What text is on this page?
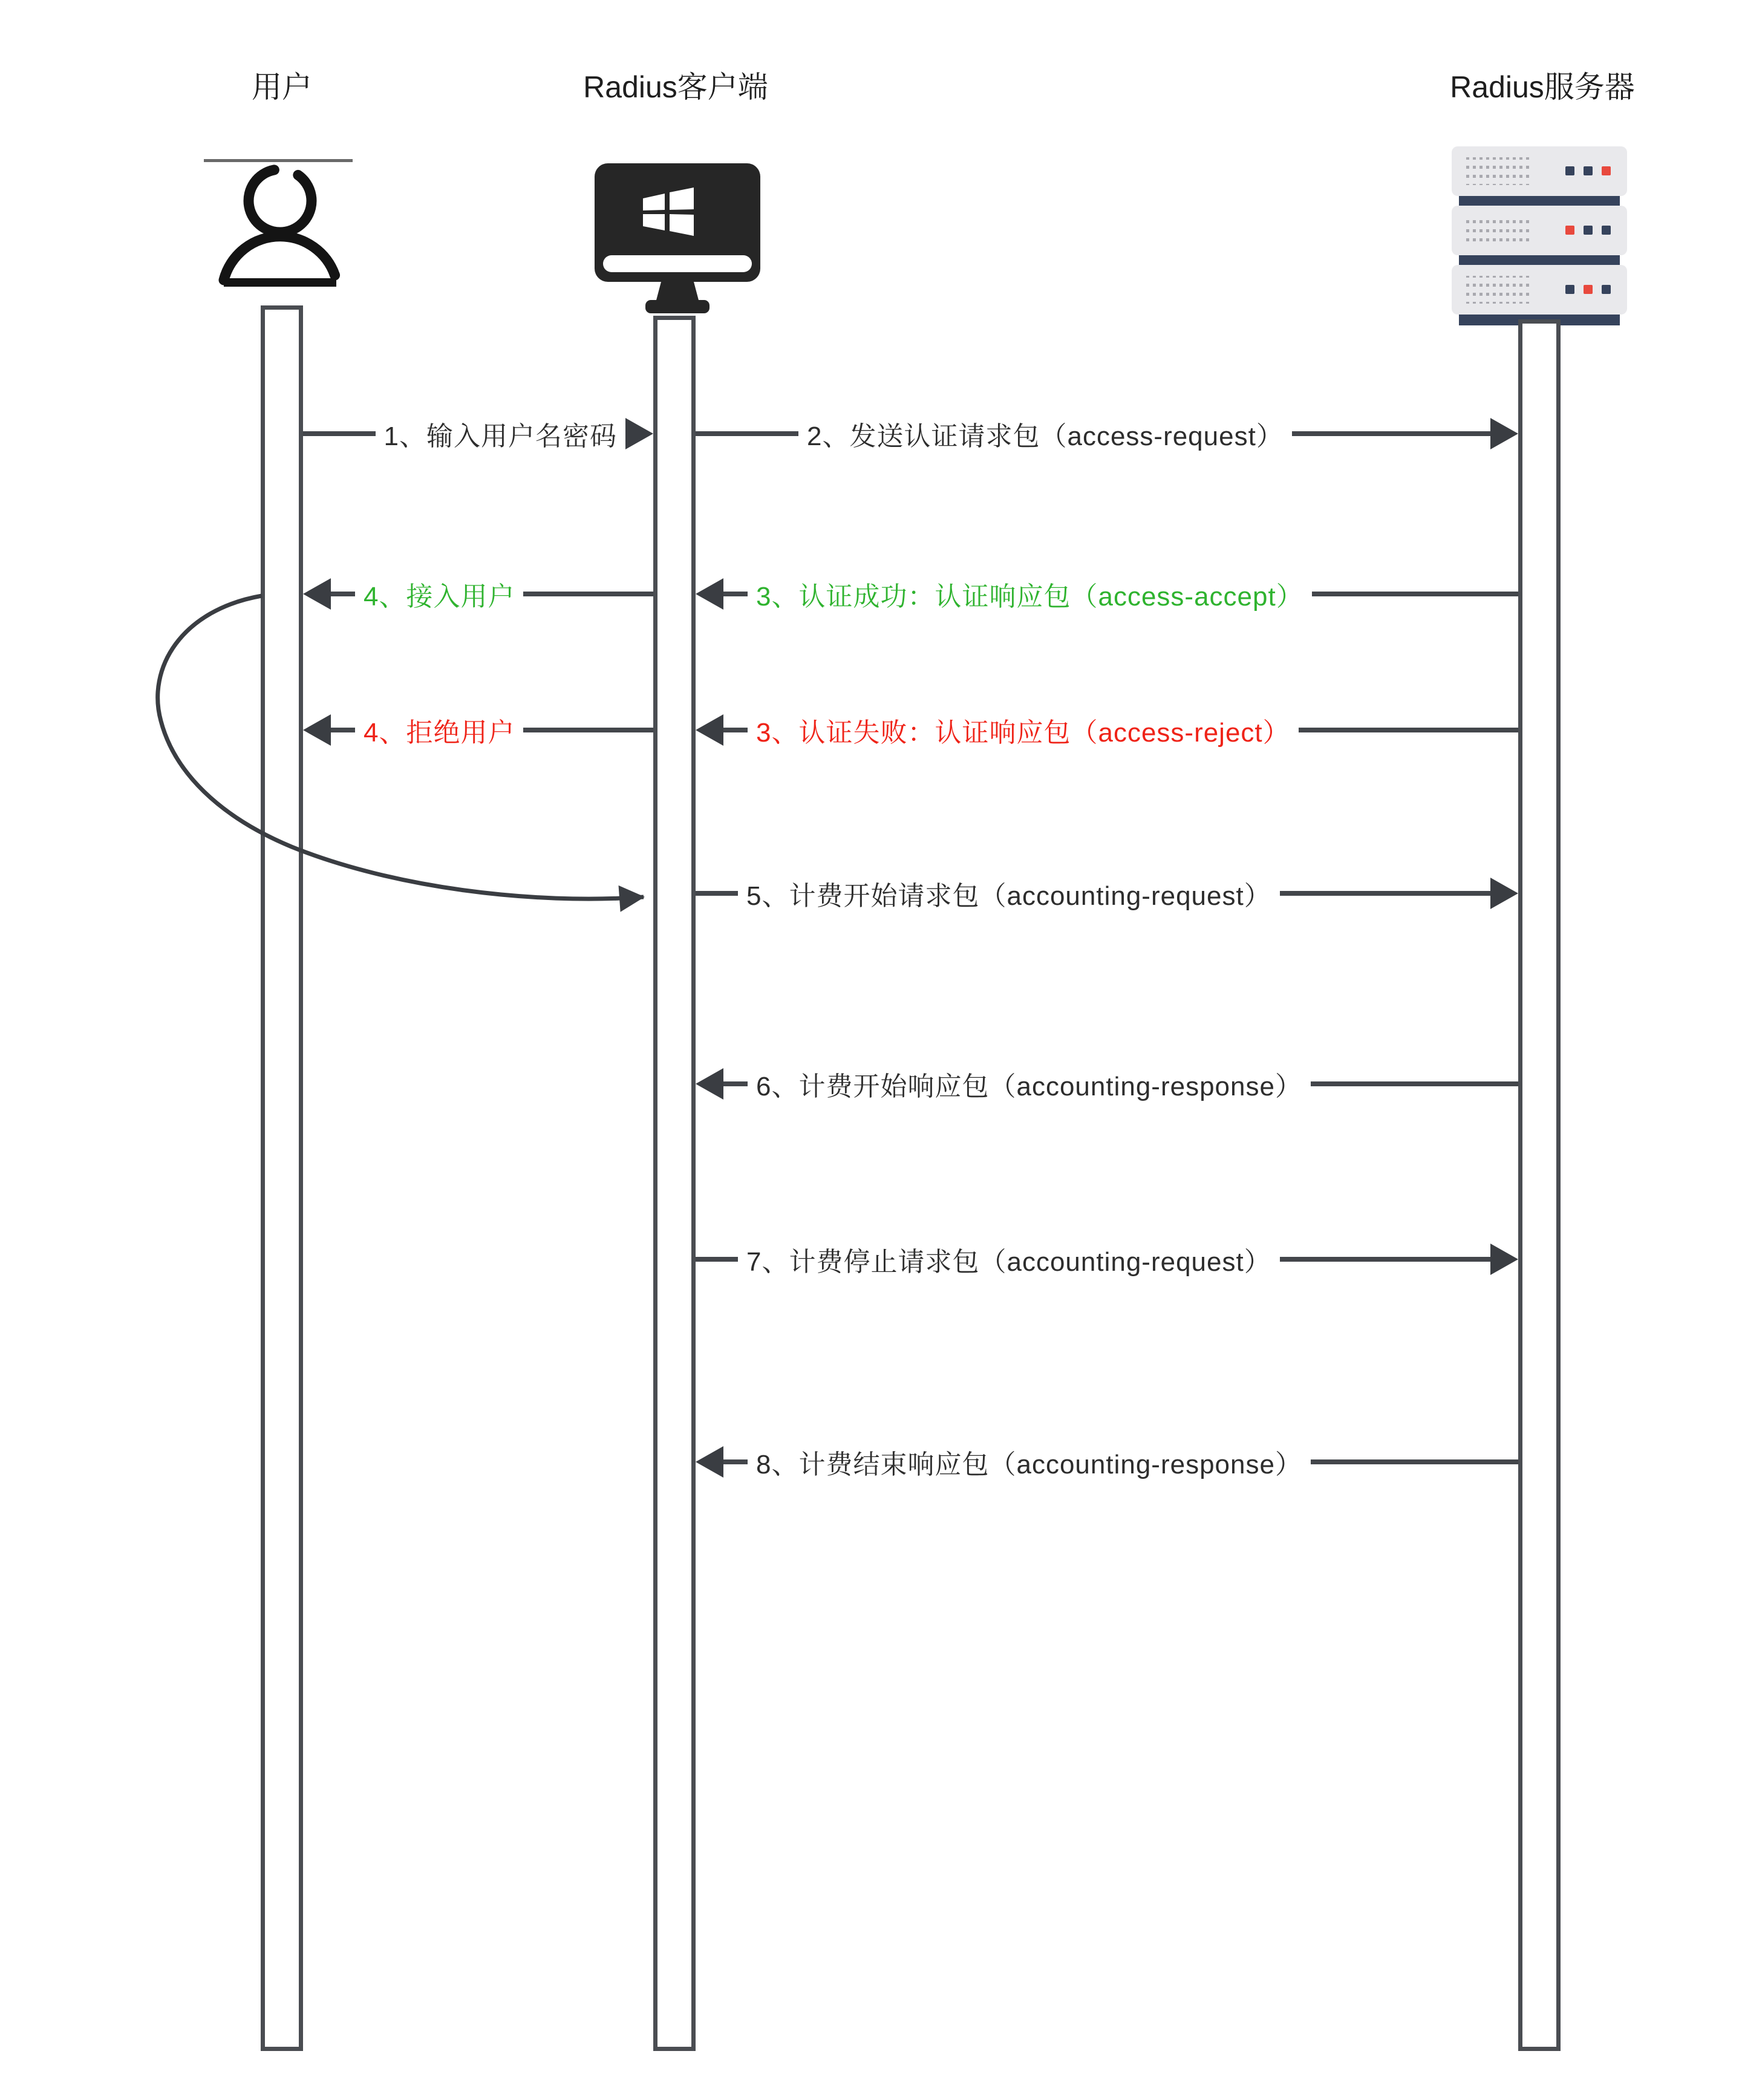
用户	Radius客户端	Radius服务器
1、输入用户名密码	2、发送认证请求包（access-request）
4、接入用户	3、认证成功：认证响应包（access-accept）
4、拒绝用户	3、认证失败：认证响应包（access-reject）
5、计费开始请求包（accounting-request）
6、计费开始响应包（accounting-response）
7、计费停止请求包（accounting-request）
8、计费结束响应包（accounting-response）
